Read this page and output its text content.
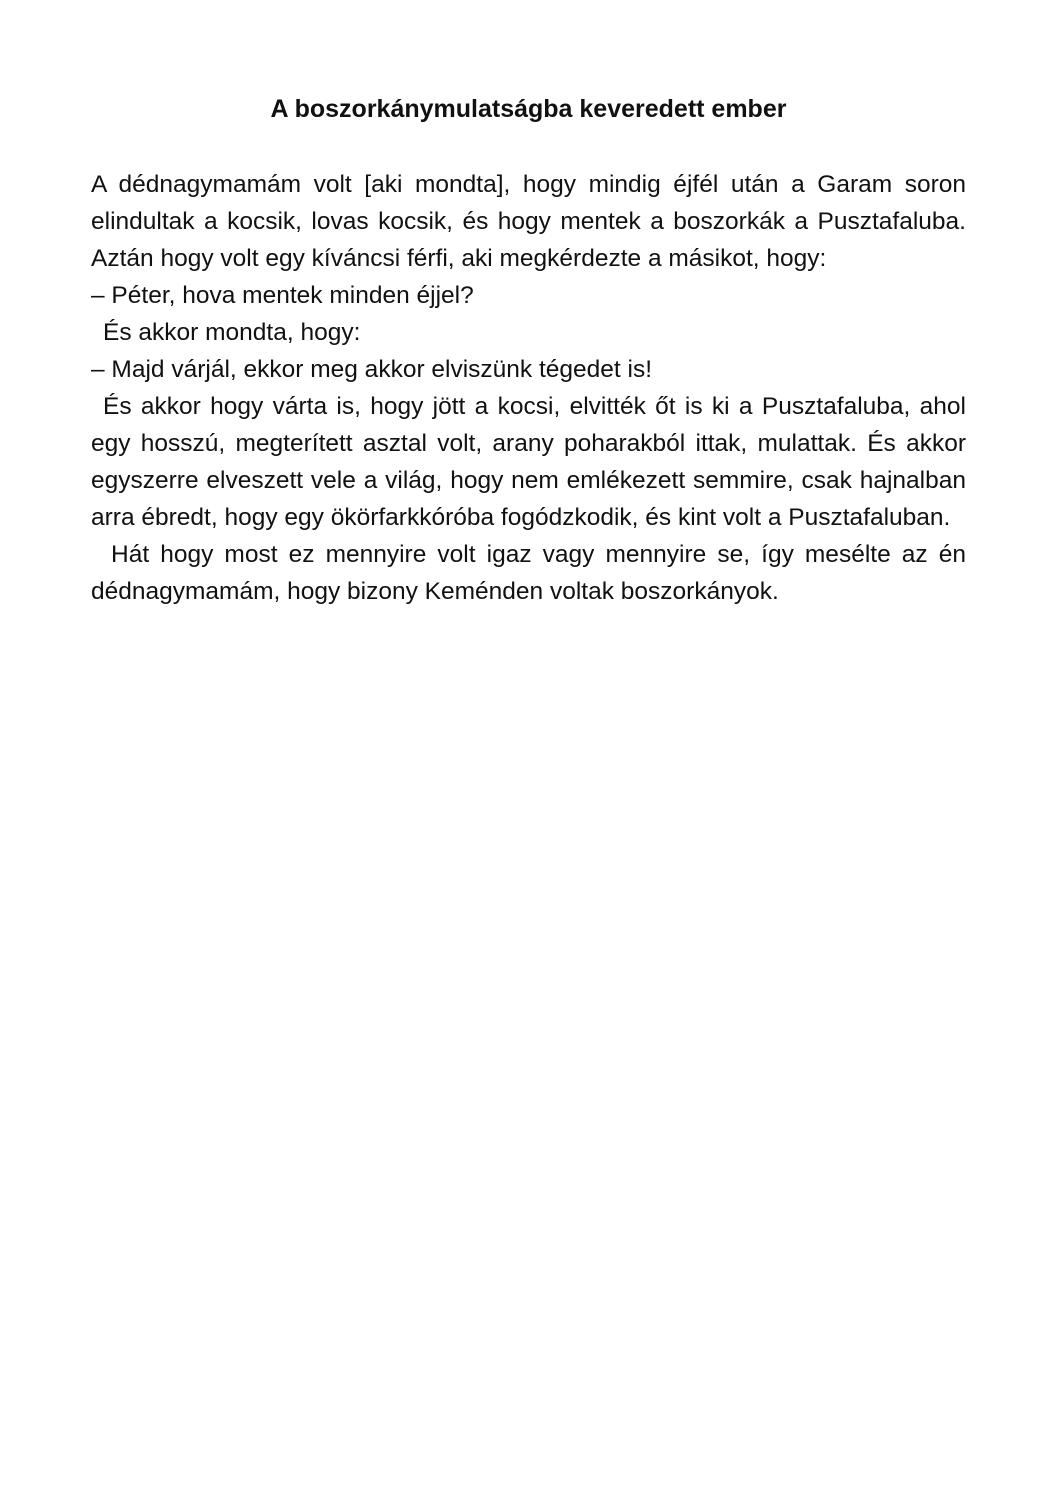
A boszorkánymulatságba keveredett ember

A dédnagymamám volt [aki mondta], hogy mindig éjfél után a Garam soron elindultak a kocsik, lovas kocsik, és hogy mentek a boszorkák a Pusztafaluba. Aztán hogy volt egy kíváncsi férfi, aki megkérdezte a másikot, hogy:

– Péter, hova mentek minden éjjel?

És akkor mondta, hogy:

– Majd várjál, ekkor meg akkor elviszünk tégedet is!

És akkor hogy várta is, hogy jött a kocsi, elvitték őt is ki a Pusztafaluba, ahol egy hosszú, megterített asztal volt, arany poharakból ittak, mulattak. És akkor egyszerre elveszett vele a világ, hogy nem emlékezett semmire, csak hajnalban arra ébredt, hogy egy ökörfarkkóróba fogódzkodik, és kint volt a Pusztafaluban.

Hát hogy most ez mennyire volt igaz vagy mennyire se, így mesélte az én dédnagymamám, hogy bizony Keménden voltak boszorkányok.
